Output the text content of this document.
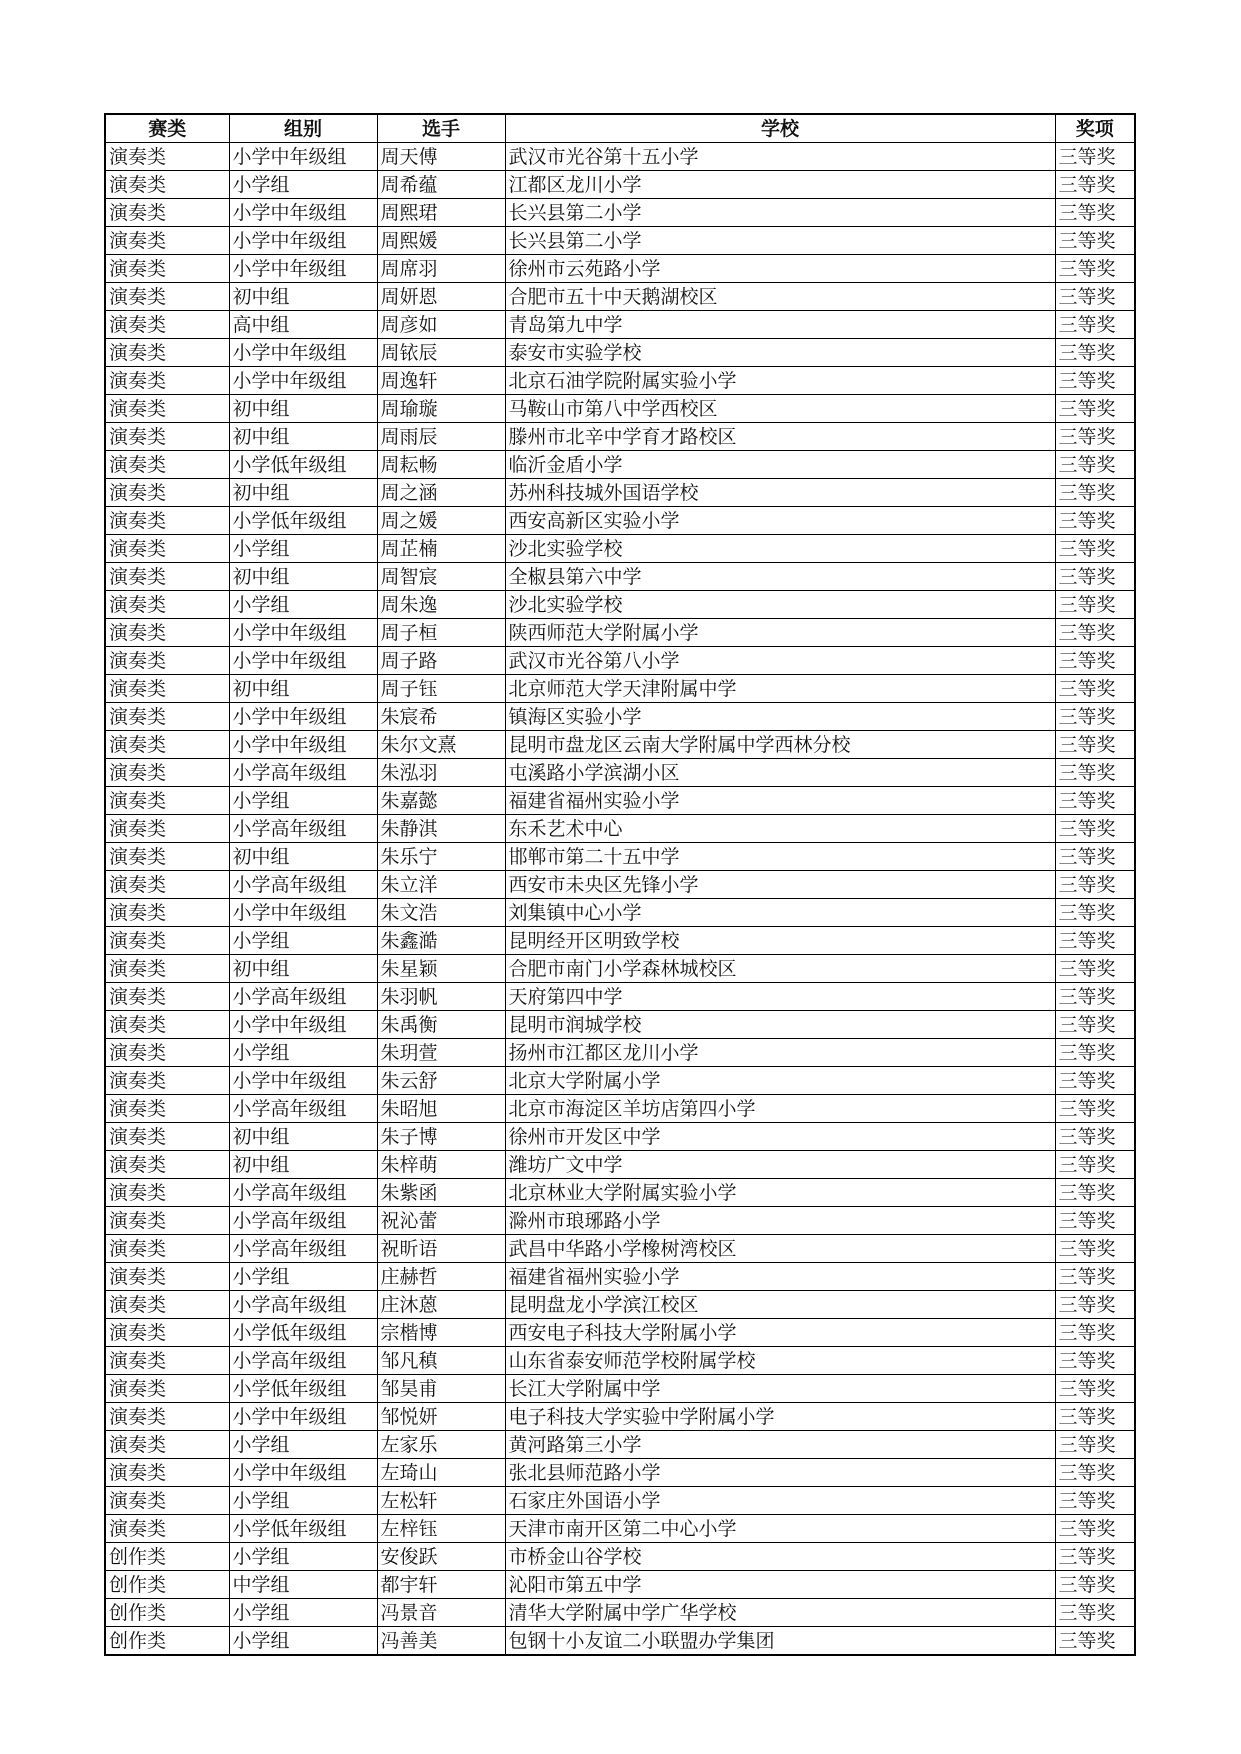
赛类	组别	选手	学校	奖项
演奏类	小学中年级组	周天傅	武汉市光谷第十五小学	三等奖
演奏类	小学组	周希蕴	江都区龙川小学	三等奖
演奏类	小学中年级组	周熙珺	长兴县第二小学	三等奖
演奏类	小学中年级组	周熙媛	长兴县第二小学	三等奖
演奏类	小学中年级组	周席羽	徐州市云苑路小学	三等奖
演奏类	初中组	周妍恩	合肥市五十中天鹅湖校区	三等奖
演奏类	高中组	周彦如	青岛第九中学	三等奖
演奏类	小学中年级组	周铱辰	泰安市实验学校	三等奖
演奏类	小学中年级组	周逸轩	北京石油学院附属实验小学	三等奖
演奏类	初中组	周瑜璇	马鞍山市第八中学西校区	三等奖
演奏类	初中组	周雨辰	滕州市北辛中学育才路校区	三等奖
演奏类	小学低年级组	周耘畅	临沂金盾小学	三等奖
演奏类	初中组	周之涵	苏州科技城外国语学校	三等奖
演奏类	小学低年级组	周之媛	西安高新区实验小学	三等奖
演奏类	小学组	周芷楠	沙北实验学校	三等奖
演奏类	初中组	周智宸	全椒县第六中学	三等奖
演奏类	小学组	周朱逸	沙北实验学校	三等奖
演奏类	小学中年级组	周子桓	陕西师范大学附属小学	三等奖
演奏类	小学中年级组	周子路	武汉市光谷第八小学	三等奖
演奏类	初中组	周子钰	北京师范大学天津附属中学	三等奖
演奏类	小学中年级组	朱宸希	镇海区实验小学	三等奖
演奏类	小学中年级组	朱尔文熹	昆明市盘龙区云南大学附属中学西林分校	三等奖
演奏类	小学高年级组	朱泓羽	屯溪路小学滨湖小区	三等奖
演奏类	小学组	朱嘉懿	福建省福州实验小学	三等奖
演奏类	小学高年级组	朱静淇	东禾艺术中心	三等奖
演奏类	初中组	朱乐宁	邯郸市第二十五中学	三等奖
演奏类	小学高年级组	朱立洋	西安市未央区先锋小学	三等奖
演奏类	小学中年级组	朱文浩	刘集镇中心小学	三等奖
演奏类	小学组	朱鑫澔	昆明经开区明致学校	三等奖
演奏类	初中组	朱星颖	合肥市南门小学森林城校区	三等奖
演奏类	小学高年级组	朱羽帆	天府第四中学	三等奖
演奏类	小学中年级组	朱禹衡	昆明市润城学校	三等奖
演奏类	小学组	朱玥萱	扬州市江都区龙川小学	三等奖
演奏类	小学中年级组	朱云舒	北京大学附属小学	三等奖
演奏类	小学高年级组	朱昭旭	北京市海淀区羊坊店第四小学	三等奖
演奏类	初中组	朱子博	徐州市开发区中学	三等奖
演奏类	初中组	朱梓萌	潍坊广文中学	三等奖
演奏类	小学高年级组	朱紫函	北京林业大学附属实验小学	三等奖
演奏类	小学高年级组	祝沁蕾	滁州市琅琊路小学	三等奖
演奏类	小学高年级组	祝昕语	武昌中华路小学橡树湾校区	三等奖
演奏类	小学组	庄赫哲	福建省福州实验小学	三等奖
演奏类	小学高年级组	庄沐蒽	昆明盘龙小学滨江校区	三等奖
演奏类	小学低年级组	宗楷博	西安电子科技大学附属小学	三等奖
演奏类	小学高年级组	邹凡稹	山东省泰安师范学校附属学校	三等奖
演奏类	小学低年级组	邹昊甫	长江大学附属中学	三等奖
演奏类	小学中年级组	邹悦妍	电子科技大学实验中学附属小学	三等奖
演奏类	小学组	左家乐	黄河路第三小学	三等奖
演奏类	小学中年级组	左琦山	张北县师范路小学	三等奖
演奏类	小学组	左松轩	石家庄外国语小学	三等奖
演奏类	小学低年级组	左梓钰	天津市南开区第二中心小学	三等奖
创作类	小学组	安俊跃	市桥金山谷学校	三等奖
创作类	中学组	都宇轩	沁阳市第五中学	三等奖
创作类	小学组	冯景音	清华大学附属中学广华学校	三等奖
创作类	小学组	冯善美	包钢十小友谊二小联盟办学集团	三等奖
